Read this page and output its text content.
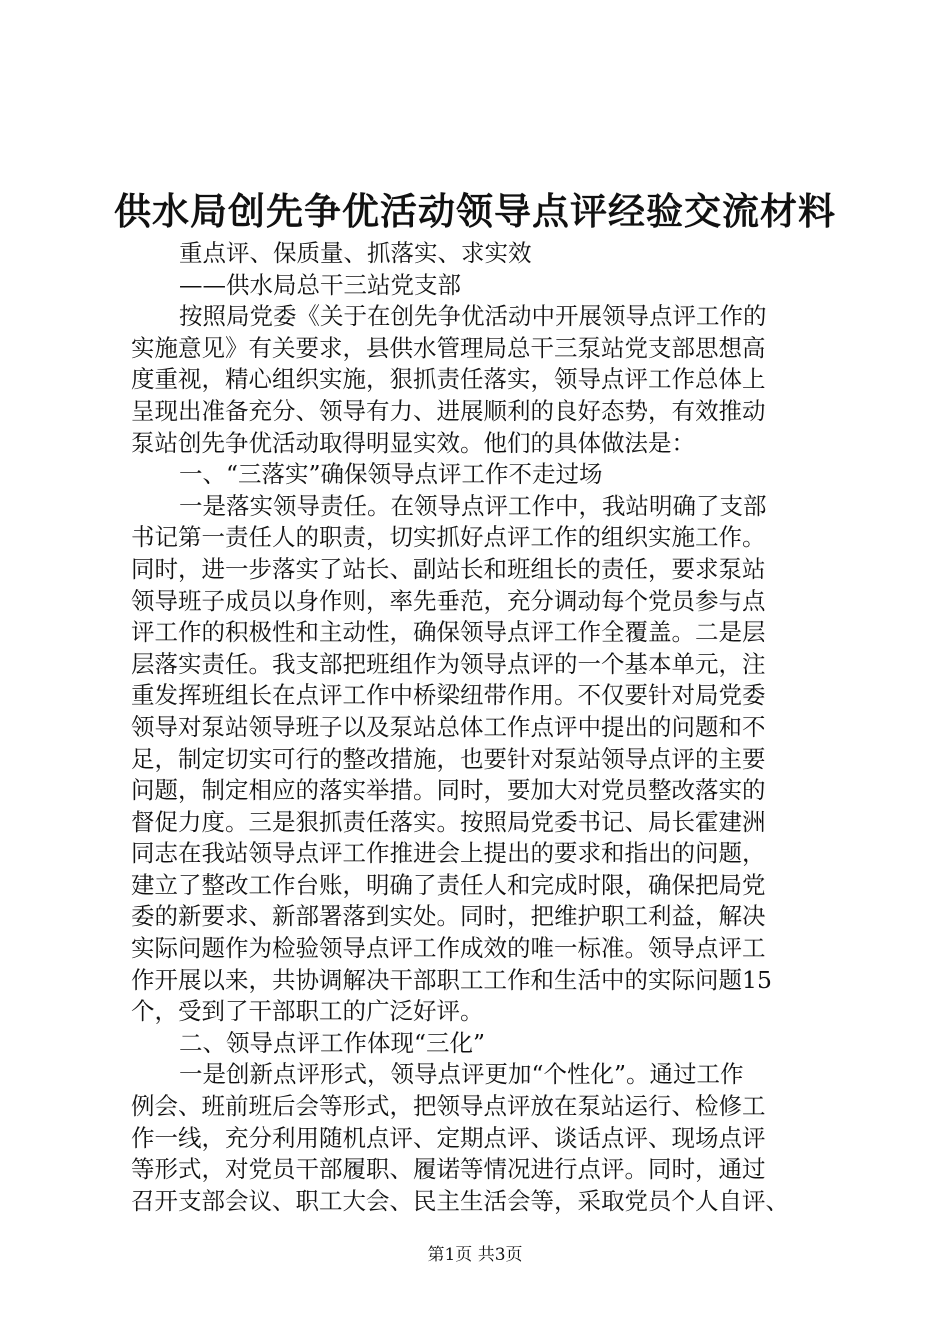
供水局创先争优活动领导点评经验交流材料
重点评、保质量、抓落实、求实效
——供水局总干三站党支部
按照局党委《关于在创先争优活动中开展领导点评工作的
实施意见》有关要求，县供水管理局总干三泵站党支部思想高
度重视，精心组织实施，狠抓责任落实，领导点评工作总体上
呈现出准备充分、领导有力、进展顺利的良好态势，有效推动
泵站创先争优活动取得明显实效。他们的具体做法是：
一、“三落实”确保领导点评工作不走过场
一是落实领导责任。在领导点评工作中，我站明确了支部
书记第一责任人的职责，切实抓好点评工作的组织实施工作。
同时，进一步落实了站长、副站长和班组长的责任，要求泵站
领导班子成员以身作则，率先垂范，充分调动每个党员参与点
评工作的积极性和主动性，确保领导点评工作全覆盖。二是层
层落实责任。我支部把班组作为领导点评的一个基本单元，注
重发挥班组长在点评工作中桥梁纽带作用。不仅要针对局党委
领导对泵站领导班子以及泵站总体工作点评中提出的问题和不
足，制定切实可行的整改措施，也要针对泵站领导点评的主要
问题，制定相应的落实举措。同时，要加大对党员整改落实的
督促力度。三是狠抓责任落实。按照局党委书记、局长霍建洲
同志在我站领导点评工作推进会上提出的要求和指出的问题，
建立了整改工作台账，明确了责任人和完成时限，确保把局党
委的新要求、新部署落到实处。同时，把维护职工利益，解决
实际问题作为检验领导点评工作成效的唯一标准。领导点评工
作开展以来，共协调解决干部职工工作和生活中的实际问题15
个，受到了干部职工的广泛好评。
二、领导点评工作体现“三化”
一是创新点评形式，领导点评更加“个性化”。通过工作
例会、班前班后会等形式，把领导点评放在泵站运行、检修工
作一线，充分利用随机点评、定期点评、谈话点评、现场点评
等形式，对党员干部履职、履诺等情况进行点评。同时，通过
召开支部会议、职工大会、民主生活会等，采取党员个人自评、
第1页 共3页
